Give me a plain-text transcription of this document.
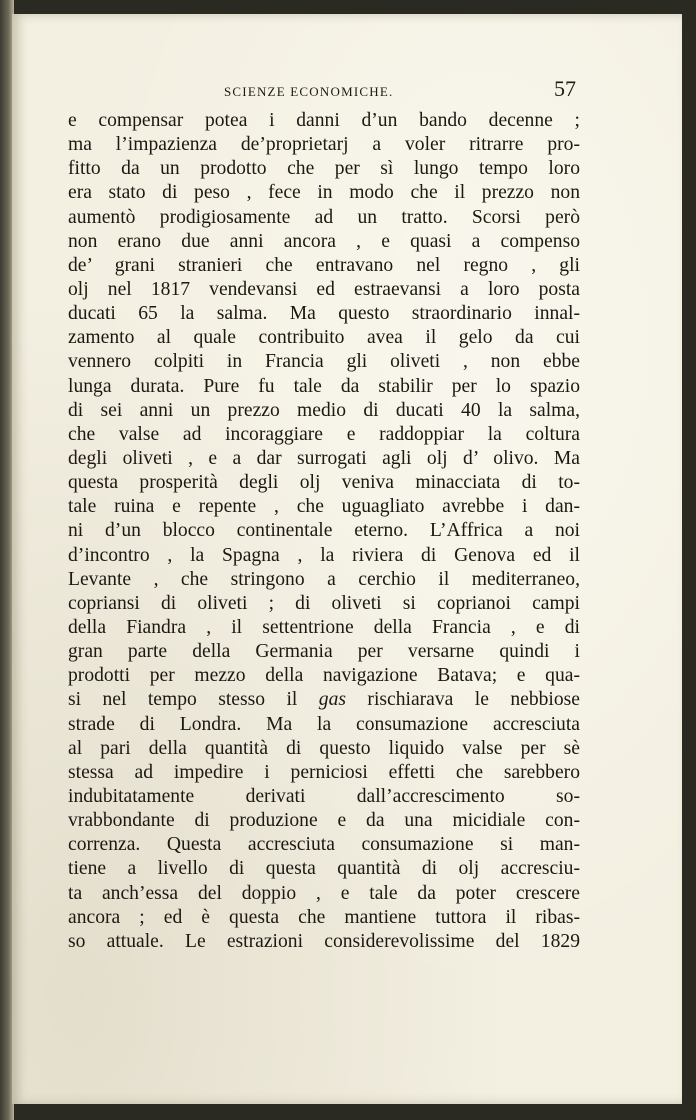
SCIENZE ECONOMICHE.	57
e compensar potea i danni d’un bando decenne ;
ma l’impazienza de’proprietarj a voler ritrarre pro-
fitto da un prodotto che per sì lungo tempo loro
era stato di peso , fece in modo che il prezzo non
aumentò prodigiosamente ad un tratto. Scorsi però
non erano due anni ancora , e quasi a compenso
de’ grani stranieri che entravano nel regno , gli
olj nel 1817 vendevansi ed estraevansi a loro posta
ducati 65 la salma. Ma questo straordinario innal-
zamento al quale contribuito avea il gelo da cui
vennero colpiti in Francia gli oliveti , non ebbe
lunga durata. Pure fu tale da stabilir per lo spazio
di sei anni un prezzo medio di ducati 40 la salma,
che valse ad incoraggiare e raddoppiar la coltura
degli oliveti , e a dar surrogati agli olj d’ olivo. Ma
questa prosperità degli olj veniva minacciata di to-
tale ruina e repente , che uguagliato avrebbe i dan-
ni d’un blocco continentale eterno. L’Affrica a noi
d’incontro , la Spagna , la riviera di Genova ed il
Levante , che stringono a cerchio il mediterraneo,
copriansi di oliveti ; di oliveti si coprianoi campi
della Fiandra , il settentrione della Francia , e di
gran parte della Germania per versarne quindi i
prodotti per mezzo della navigazione Batava; e qua-
si nel tempo stesso il gas rischiarava le nebbiose
strade di Londra. Ma la consumazione accresciuta
al pari della quantità di questo liquido valse per sè
stessa ad impedire i perniciosi effetti che sarebbero
indubitatamente derivati dall’accrescimento so-
vrabbondante di produzione e da una micidiale con-
correnza. Questa accresciuta consumazione si man-
tiene a livello di questa quantità di olj accresciu-
ta anch’essa del doppio , e tale da poter crescere
ancora ; ed è questa che mantiene tuttora il ribas-
so attuale. Le estrazioni considerevolissime del 1829
